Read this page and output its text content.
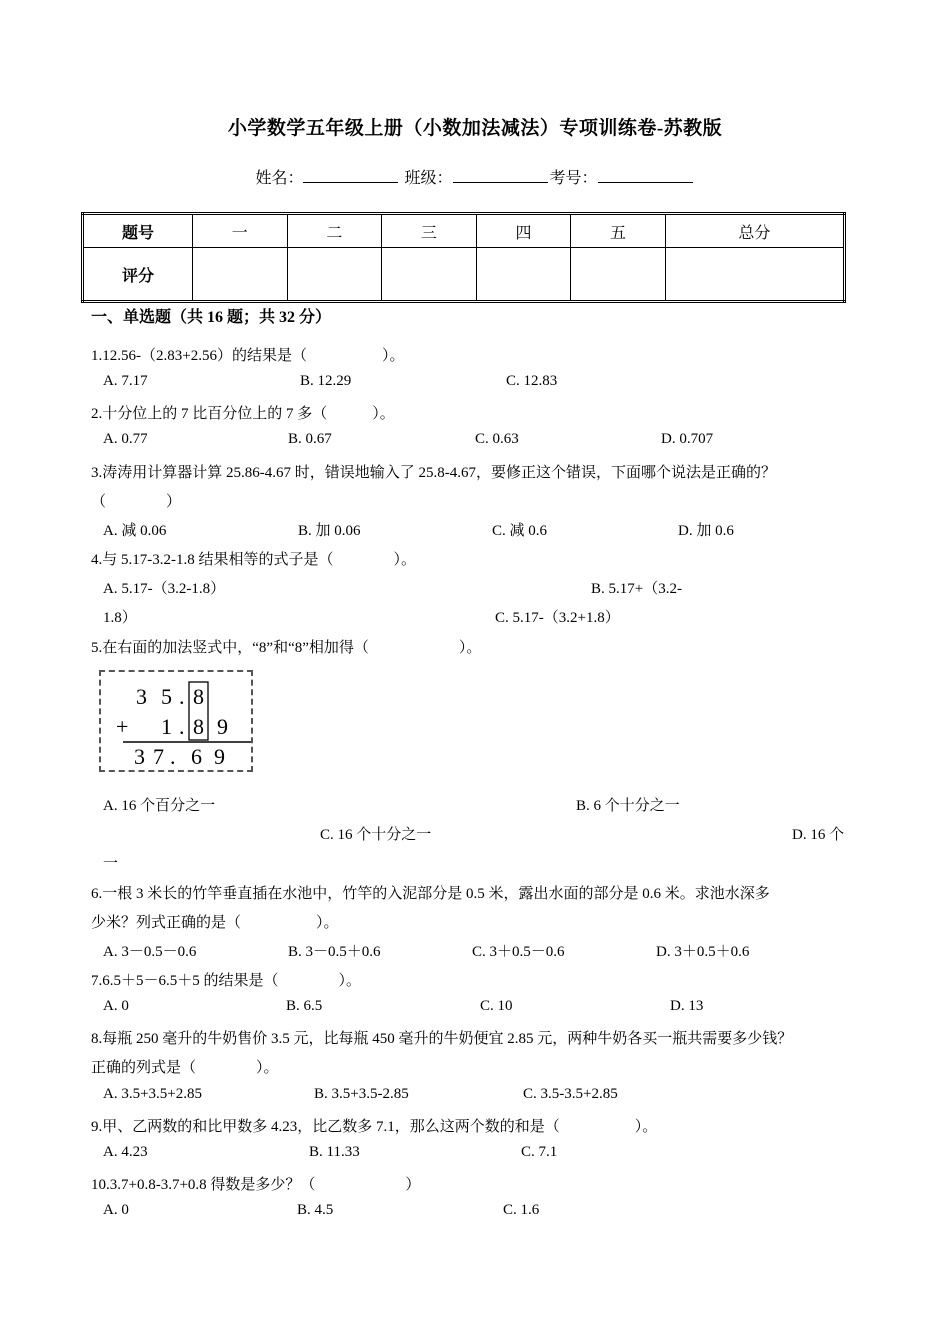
小学数学五年级上册（小数加法减法）专项训练卷-苏教版
姓名：	班级：	考号：
题号	一	二	三	四	五	总分
评分						
一、单选题（共 16 题；共 32 分）
1.12.56-（2.83+2.56）的结果是（　　　　　）。
A. 7.17	B. 12.29	C. 12.83
2.十分位上的 7 比百分位上的 7 多（　　　）。
A. 0.77	B. 0.67	C. 0.63	D. 0.707
3.涛涛用计算器计算 25.86-4.67 时，错误地输入了 25.8-4.67，要修正这个错误，下面哪个说法是正确的？
（　　　　）
A. 减 0.06	B. 加 0.06	C. 减 0.6	D. 加 0.6
4.与 5.17-3.2-1.8 结果相等的式子是（　　　　）。
A. 5.17-（3.2-1.8）	B. 5.17+（3.2-
1.8）	C. 5.17-（3.2+1.8）
5.在右面的加法竖式中，“8”和“8”相加得（　　　　　　）。
3 5 . 8
+ 1 . 8 9
3 7 . 6 9
A. 16 个百分之一	B. 6 个十分之一
C. 16 个十分之一	D. 16 个
一
6.一根 3 米长的竹竿垂直插在水池中，竹竿的入泥部分是 0.5 米，露出水面的部分是 0.6 米。求池水深多
少米？列式正确的是（　　　　　）。
A. 3－0.5－0.6	B. 3－0.5＋0.6	C. 3＋0.5－0.6	D. 3＋0.5＋0.6
7.6.5＋5－6.5＋5 的结果是（　　　　）。
A. 0	B. 6.5	C. 10	D. 13
8.每瓶 250 毫升的牛奶售价 3.5 元，比每瓶 450 毫升的牛奶便宜 2.85 元，两种牛奶各买一瓶共需要多少钱？
正确的列式是（　　　　）。
A. 3.5+3.5+2.85	B. 3.5+3.5-2.85	C. 3.5-3.5+2.85
9.甲、乙两数的和比甲数多 4.23，比乙数多 7.1，那么这两个数的和是（　　　　　）。
A. 4.23	B. 11.33	C. 7.1
10.3.7+0.8-3.7+0.8 得数是多少？（　　　　　　）
A. 0	B. 4.5	C. 1.6
